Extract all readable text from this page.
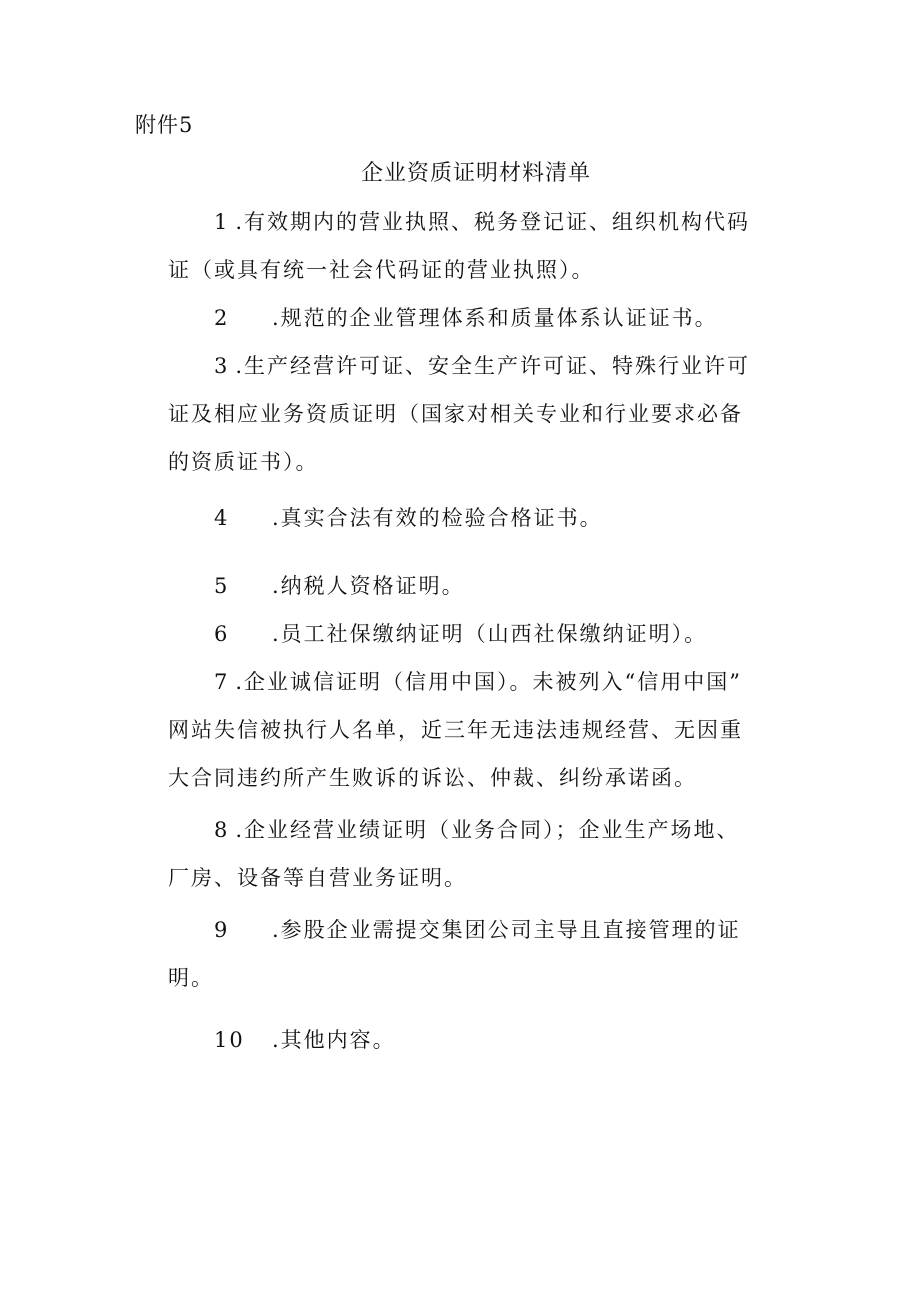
附件5
企业资质证明材料清单
1 .有效期内的营业执照、税务登记证、组织机构代码
证（或具有统一社会代码证的营业执照）。
2 .规范的企业管理体系和质量体系认证证书。
3 .生产经营许可证、安全生产许可证、特殊行业许可
证及相应业务资质证明（国家对相关专业和行业要求必备
的资质证书）。
4 .真实合法有效的检验合格证书。
5 .纳税人资格证明。
6 .员工社保缴纳证明（山西社保缴纳证明）。
7 .企业诚信证明（信用中国）。未被列入“信用中国”
网站失信被执行人名单，近三年无违法违规经营、无因重
大合同违约所产生败诉的诉讼、仲裁、纠纷承诺函。
8 .企业经营业绩证明（业务合同）；企业生产场地、
厂房、设备等自营业务证明。
9 .参股企业需提交集团公司主导且直接管理的证
明。
10 .其他内容。
